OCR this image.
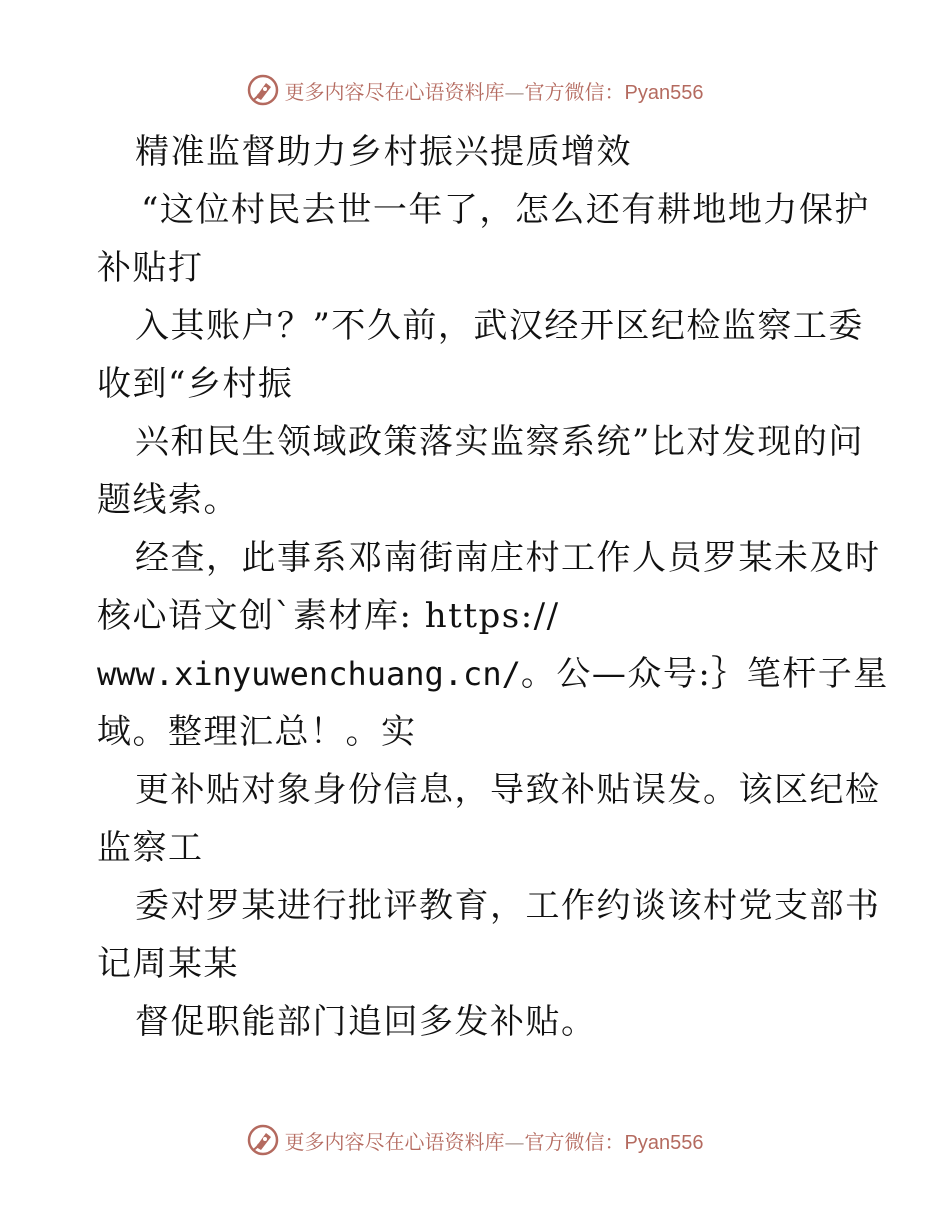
更多内容尽在心语资料库—官方微信：Pyan556
精准监督助力乡村振兴提质增效
“这位村民去世一年了，怎么还有耕地地力保护
补贴打
入其账户？”不久前，武汉经开区纪检监察工委
收到“乡村振
兴和民生领域政策落实监察系统”比对发现的问
题线索。
经查，此事系邓南街南庄村工作人员罗某未及时
核心语文创`素材库: https://
www.xinyuwenchuang.cn/。公—众号:｝笔杆子星
域。整理汇总！。实
更补贴对象身份信息，导致补贴误发。该区纪检
监察工
委对罗某进行批评教育，工作约谈该村党支部书
记周某某
督促职能部门追回多发补贴。
更多内容尽在心语资料库—官方微信：Pyan556
